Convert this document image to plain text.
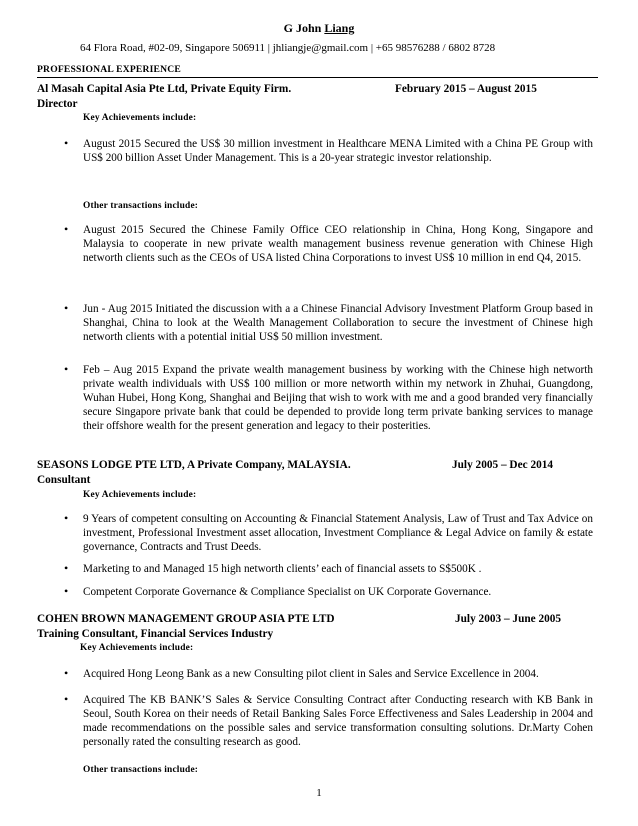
G John Liang
64 Flora Road, #02-09, Singapore 506911 | jhliangje@gmail.com | +65 98576288 / 6802 8728
PROFESSIONAL EXPERIENCE
Al Masah Capital Asia Pte Ltd, Private Equity Firm.	February 2015 – August 2015
Director
Key Achievements include:
• August 2015 Secured the US$ 30 million investment in Healthcare MENA Limited with a China PE Group with US$ 200 billion Asset Under Management. This is a 20-year strategic investor relationship.
Other transactions include:
• August 2015 Secured the Chinese Family Office CEO relationship in China, Hong Kong, Singapore and Malaysia to cooperate in new private wealth management business revenue generation with Chinese High networth clients such as the CEOs of USA listed China Corporations to invest US$ 10 million in end Q4, 2015.
• Jun - Aug 2015 Initiated the discussion with a a Chinese Financial Advisory Investment Platform Group based in Shanghai, China to look at the Wealth Management Collaboration to secure the investment of Chinese high networth clients with a potential initial US$ 50 million investment.
• Feb – Aug 2015 Expand the private wealth management business by working with the Chinese high networth private wealth individuals with US$ 100 million or more networth within my network in Zhuhai, Guangdong, Wuhan Hubei, Hong Kong, Shanghai and Beijing that wish to work with me and a good branded very financially secure Singapore private bank that could be depended to provide long term private banking services to manage their offshore wealth for the present generation and legacy to their posterities.
SEASONS LODGE PTE LTD, A Private Company, MALAYSIA.	July 2005 – Dec 2014
Consultant
Key Achievements include:
• 9 Years of competent consulting on Accounting & Financial Statement Analysis, Law of Trust and Tax Advice on investment, Professional Investment asset allocation, Investment Compliance & Legal Advice on family & estate governance, Contracts and Trust Deeds.
• Marketing to and Managed 15 high networth clients’ each of financial assets to S$500K .
• Competent Corporate Governance & Compliance Specialist on UK Corporate Governance.
COHEN BROWN MANAGEMENT GROUP ASIA PTE LTD	July 2003 – June 2005
Training Consultant, Financial Services Industry
Key Achievements include:
• Acquired Hong Leong Bank as a new Consulting pilot client in Sales and Service Excellence in 2004.
• Acquired The KB BANK’S Sales & Service Consulting Contract after Conducting research with KB Bank in Seoul, South Korea on their needs of Retail Banking Sales Force Effectiveness and Sales Leadership in 2004 and made recommendations on the possible sales and service transformation consulting solutions. Dr.Marty Cohen personally rated the consulting research as good.
Other transactions include:
1
